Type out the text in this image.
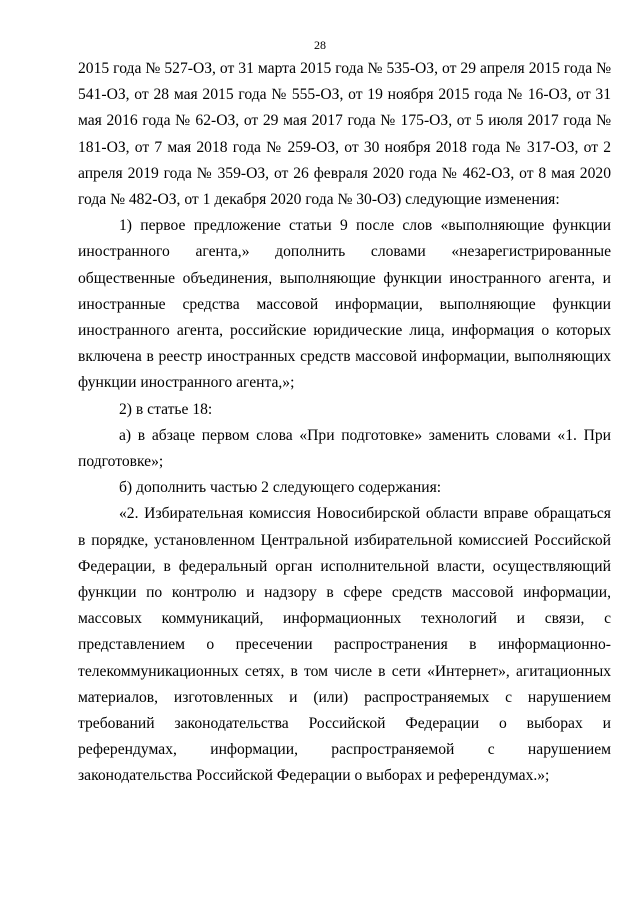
28

2015 года № 527-ОЗ, от 31 марта 2015 года № 535-ОЗ, от 29 апреля 2015 года № 541-ОЗ, от 28 мая 2015 года № 555-ОЗ, от 19 ноября 2015 года № 16-ОЗ, от 31 мая 2016 года № 62-ОЗ, от 29 мая 2017 года № 175-ОЗ, от 5 июля 2017 года № 181-ОЗ, от 7 мая 2018 года № 259-ОЗ, от 30 ноября 2018 года № 317-ОЗ, от 2 апреля 2019 года № 359-ОЗ, от 26 февраля 2020 года № 462-ОЗ, от 8 мая 2020 года № 482-ОЗ, от 1 декабря 2020 года № 30-ОЗ) следующие изменения:

1) первое предложение статьи 9 после слов «выполняющие функции иностранного агента,» дополнить словами «незарегистрированные общественные объединения, выполняющие функции иностранного агента, и иностранные средства массовой информации, выполняющие функции иностранного агента, российские юридические лица, информация о которых включена в реестр иностранных средств массовой информации, выполняющих функции иностранного агента,»;

2) в статье 18:

а) в абзаце первом слова «При подготовке» заменить словами «1. При подготовке»;

б) дополнить частью 2 следующего содержания:

«2. Избирательная комиссия Новосибирской области вправе обращаться в порядке, установленном Центральной избирательной комиссией Российской Федерации, в федеральный орган исполнительной власти, осуществляющий функции по контролю и надзору в сфере средств массовой информации, массовых коммуникаций, информационных технологий и связи, с представлением о пресечении распространения в информационно-телекоммуникационных сетях, в том числе в сети «Интернет», агитационных материалов, изготовленных и (или) распространяемых с нарушением требований законодательства Российской Федерации о выборах и референдумах, информации, распространяемой с нарушением законодательства Российской Федерации о выборах и референдумах.»;
